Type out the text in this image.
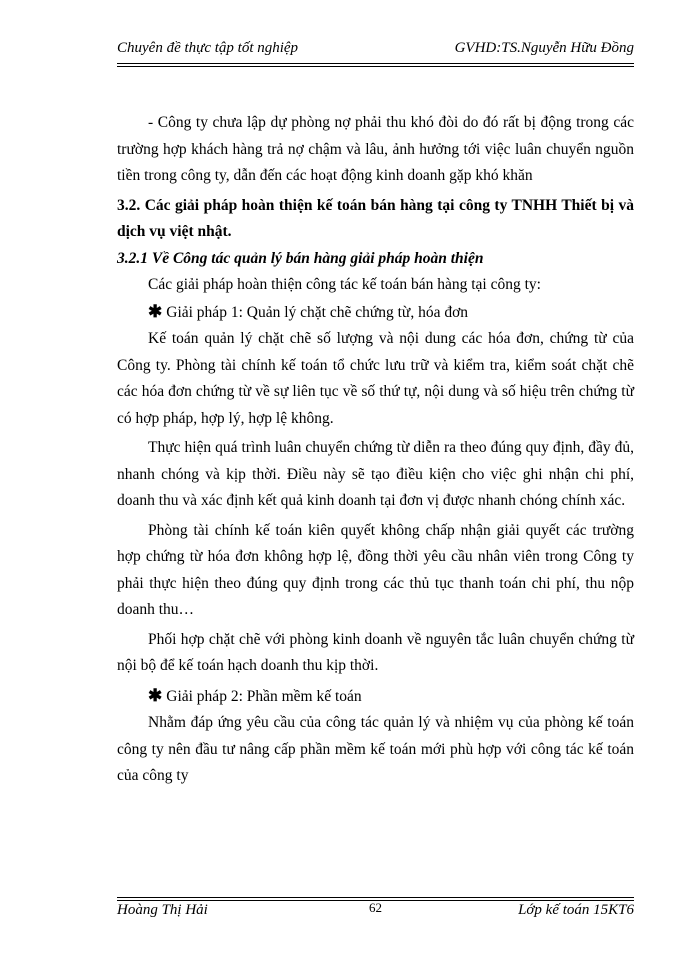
Chuyên đề thực tập tốt nghiệp	GVHD:TS.Nguyễn Hữu Đồng

- Công ty chưa lập dự phòng nợ phải thu khó đòi do đó rất bị động trong các trường hợp khách hàng trả nợ chậm và lâu, ảnh hưởng tới việc luân chuyển nguồn tiền trong công ty, dẫn đến các hoạt động kinh doanh gặp khó khăn

3.2. Các giải pháp hoàn thiện kế toán bán hàng tại công ty TNHH Thiết bị và dịch vụ việt nhật.

3.2.1 Về Công tác quản lý bán hàng giải pháp hoàn thiện

Các giải pháp hoàn thiện công tác kế toán bán hàng tại công ty:

✱ Giải pháp 1: Quản lý chặt chẽ chứng từ, hóa đơn

Kế toán quản lý chặt chẽ số lượng và nội dung các hóa đơn, chứng từ của Công ty. Phòng tài chính kế toán tổ chức lưu trữ và kiểm tra, kiểm soát chặt chẽ các hóa đơn chứng từ về sự liên tục về số thứ tự, nội dung và số hiệu trên chứng từ có hợp pháp, hợp lý, hợp lệ không.

Thực hiện quá trình luân chuyển chứng từ diễn ra theo đúng quy định, đầy đủ, nhanh chóng và kịp thời. Điều này sẽ tạo điều kiện cho việc ghi nhận chi phí, doanh thu và xác định kết quả kinh doanh tại đơn vị được nhanh chóng chính xác.

Phòng tài chính kế toán kiên quyết không chấp nhận giải quyết các trường hợp chứng từ hóa đơn không hợp lệ, đồng thời yêu cầu nhân viên trong Công ty phải thực hiện theo đúng quy định trong các thủ tục thanh toán chi phí, thu nộp doanh thu…

Phối hợp chặt chẽ với phòng kinh doanh về nguyên tắc luân chuyển chứng từ nội bộ để kế toán hạch doanh thu kịp thời.

✱ Giải pháp 2: Phần mềm kế toán

Nhằm đáp ứng yêu cầu của công tác quản lý và nhiệm vụ của phòng kế toán công ty nên đầu tư nâng cấp phần mềm kế toán mới phù hợp với công tác kế toán của công ty

Hoàng Thị Hải	62	Lớp kế toán 15KT6
